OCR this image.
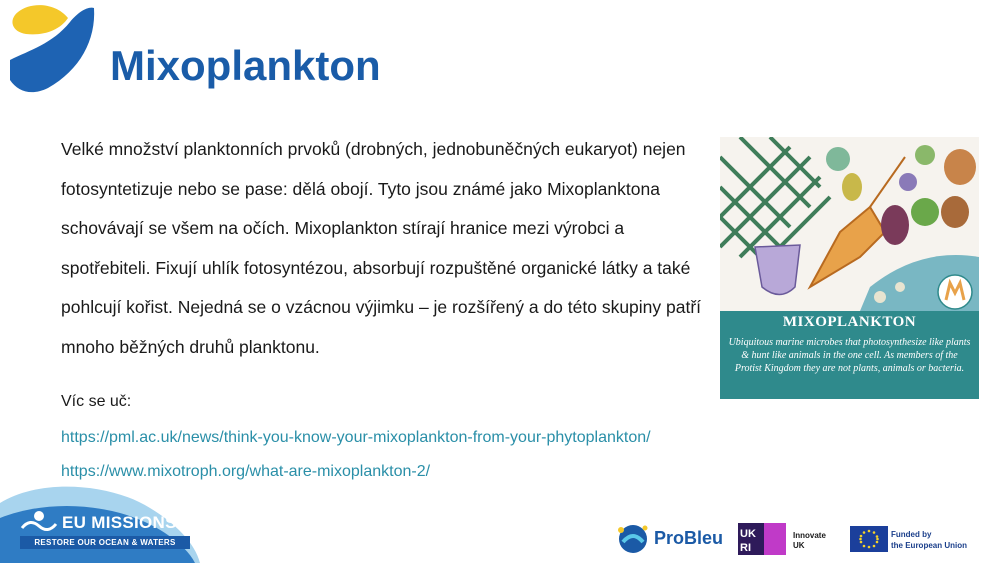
Mixoplankton
Velké množství planktonních prvoků (drobných, jednobuněčných eukaryot) nejen fotosyntetizuje nebo se pase: dělá obojí. Tyto jsou známé jako Mixoplanktona schovávají se všem na očích. Mixoplankton stírají hranice mezi výrobci a spotřebiteli. Fixují uhlík fotosyntézou, absorbují rozpuštěné organické látky a také pohlcují kořist. Nejedná se o vzácnou výjimku – je rozšířený a do této skupiny patří mnoho běžných druhů planktonu.
Víc se uč:
https://pml.ac.uk/news/think-you-know-your-mixoplankton-from-your-phytoplankton/
https://www.mixotroph.org/what-are-mixoplankton-2/
MIXOPLANKTON
Ubiquitous marine microbes that photosynthesize like plants & hunt like animals in the one cell. As members of the Protist Kingdom they are not plants, animals or bacteria.
EU MISSIONS
RESTORE OUR OCEAN & WATERS	ProBleu UK
RI
Innovate
UK
Funded by
the European Union
